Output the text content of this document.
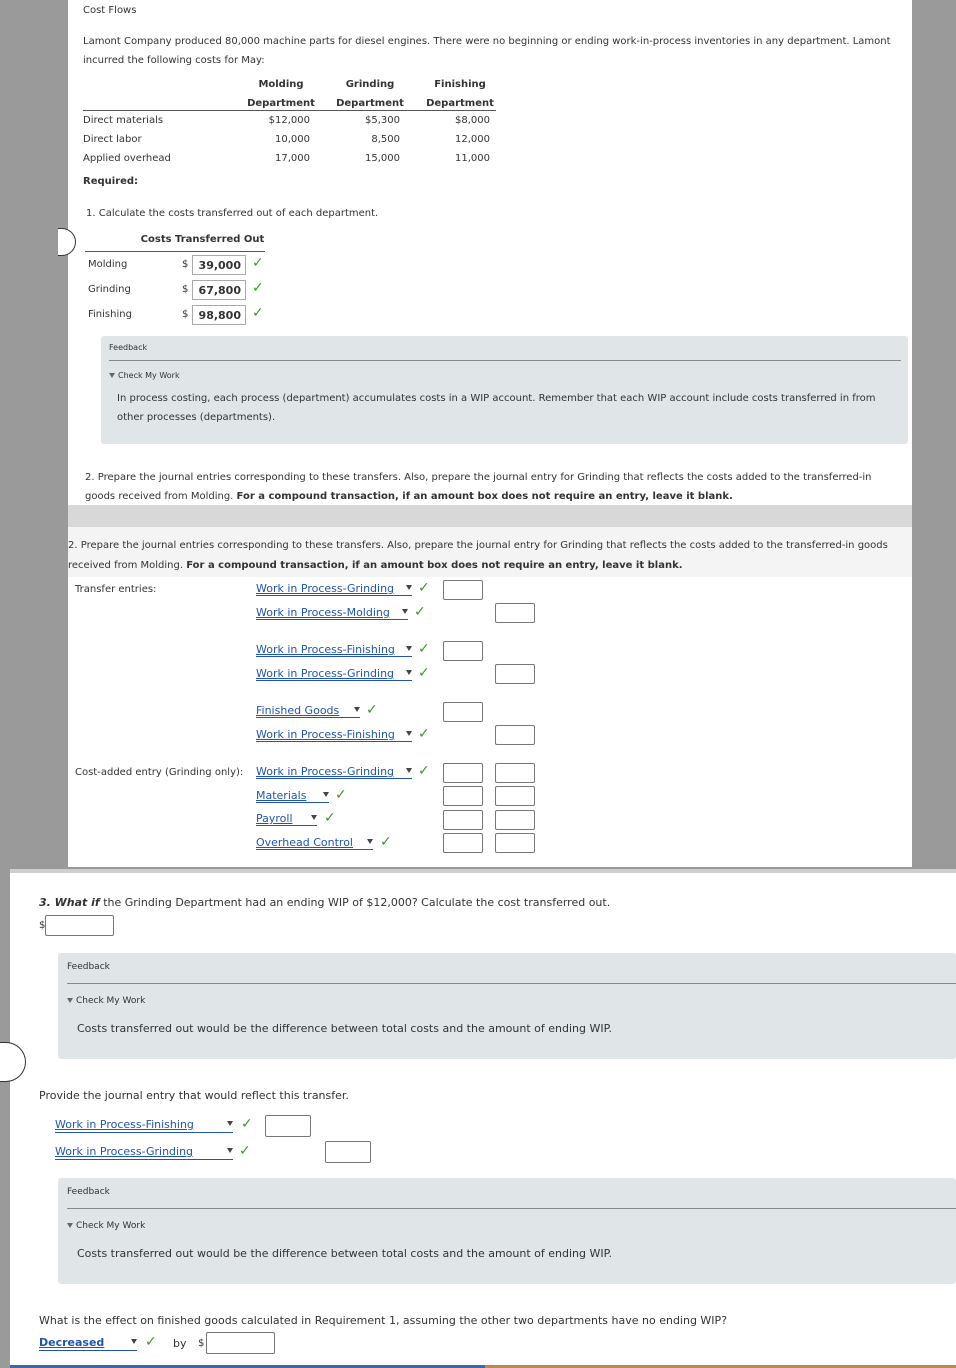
Cost Flows
Lamont Company produced 80,000 machine parts for diesel engines. There were no beginning or ending work-in-process inventories in any department. Lamont incurred the following costs for May:
Molding
Department
Grinding
Department
Finishing
Department
Direct materials	$12,000	$5,300	$8,000
Direct labor	10,000	8,500	12,000
Applied overhead	17,000	15,000	11,000
Required:
1. Calculate the costs transferred out of each department.
Costs Transferred Out
Molding	$ 39,000 ✓
Grinding	$ 67,800 ✓
Finishing	$ 98,800 ✓
Feedback
Check My Work
In process costing, each process (department) accumulates costs in a WIP account. Remember that each WIP account include costs transferred in from other processes (departments).
2. Prepare the journal entries corresponding to these transfers. Also, prepare the journal entry for Grinding that reflects the costs added to the transferred-in goods received from Molding. For a compound transaction, if an amount box does not require an entry, leave it blank.
2. Prepare the journal entries corresponding to these transfers. Also, prepare the journal entry for Grinding that reflects the costs added to the transferred-in goods received from Molding. For a compound transaction, if an amount box does not require an entry, leave it blank.
Transfer entries:	Work in Process-Grinding	✓
Work in Process-Molding	✓
Work in Process-Finishing	✓
Work in Process-Grinding	✓
Finished Goods	✓
Work in Process-Finishing	✓
Cost-added entry (Grinding only): Work in Process-Grinding	✓
Materials	✓
Payroll	✓
Overhead Control	✓
3. What if the Grinding Department had an ending WIP of $12,000? Calculate the cost transferred out.
$
Feedback
Check My Work
Costs transferred out would be the difference between total costs and the amount of ending WIP.
Provide the journal entry that would reflect this transfer.
Work in Process-Finishing	✓
Work in Process-Grinding	✓
Feedback
Check My Work
Costs transferred out would be the difference between total costs and the amount of ending WIP.
What is the effect on finished goods calculated in Requirement 1, assuming the other two departments have no ending WIP?
Decreased	✓ by $
